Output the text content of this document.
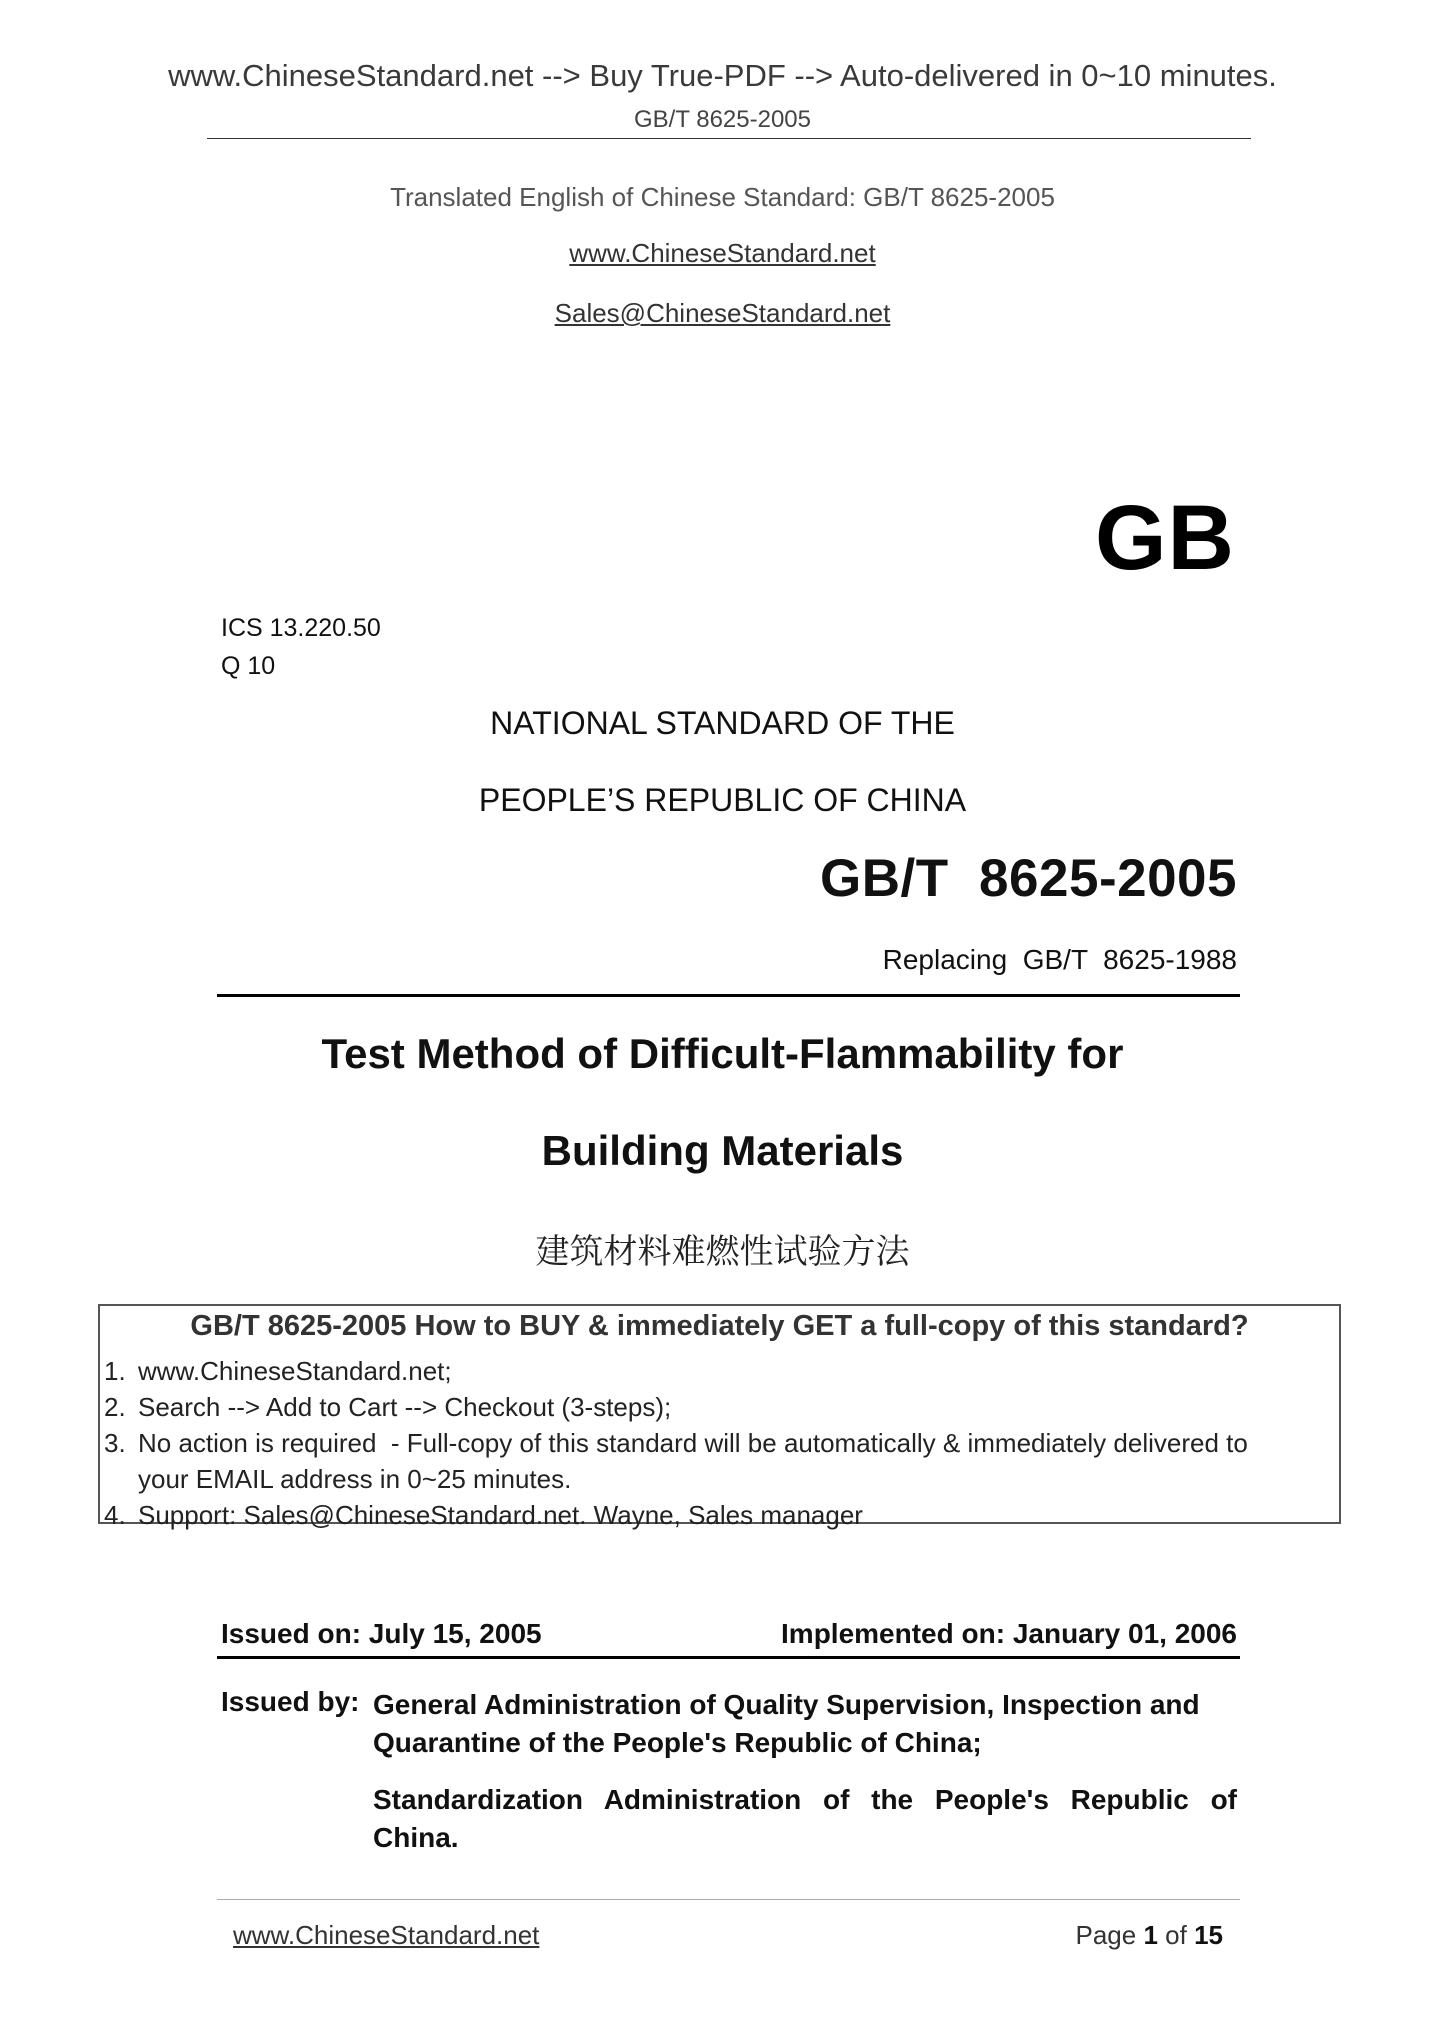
www.ChineseStandard.net --> Buy True-PDF --> Auto-delivered in 0~10 minutes.
GB/T 8625-2005
Translated English of Chinese Standard: GB/T 8625-2005
www.ChineseStandard.net
Sales@ChineseStandard.net
GB
ICS 13.220.50
Q 10
NATIONAL STANDARD OF THE
PEOPLE’S REPUBLIC OF CHINA
GB/T  8625-2005
Replacing  GB/T  8625-1988
Test Method of Difficult-Flammability for
Building Materials
建筑材料难燃性试验方法
GB/T 8625-2005 How to BUY & immediately GET a full-copy of this standard?
1. www.ChineseStandard.net;
2. Search --> Add to Cart --> Checkout (3-steps);
3. No action is required  - Full-copy of this standard will be automatically & immediately delivered to
your EMAIL address in 0~25 minutes.
4. Support: Sales@ChineseStandard.net. Wayne, Sales manager
Issued on: July 15, 2005	Implemented on: January 01, 2006
Issued by: General Administration of Quality Supervision, Inspection and Quarantine of the People's Republic of China;
Standardization Administration of the People's Republic of China.
www.ChineseStandard.net	Page 1 of 15
